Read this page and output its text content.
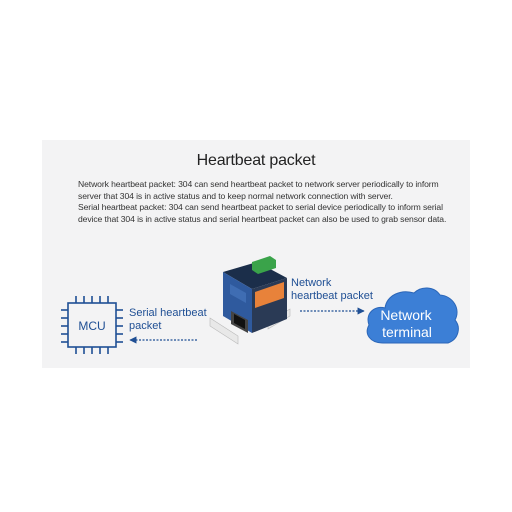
Heartbeat packet

Network heartbeat packet: 304 can send heartbeat packet to network server periodically to inform server that 304 is in active status and to keep normal network connection with server.

Serial heartbeat packet: 304 can send heartbeat packet to serial device periodically to inform serial device that 304 is in active status and serial heartbeat packet can also be used to grab sensor data.

MCU
Network
terminal
Serial heartbeat
packet
Network
heartbeat packet
